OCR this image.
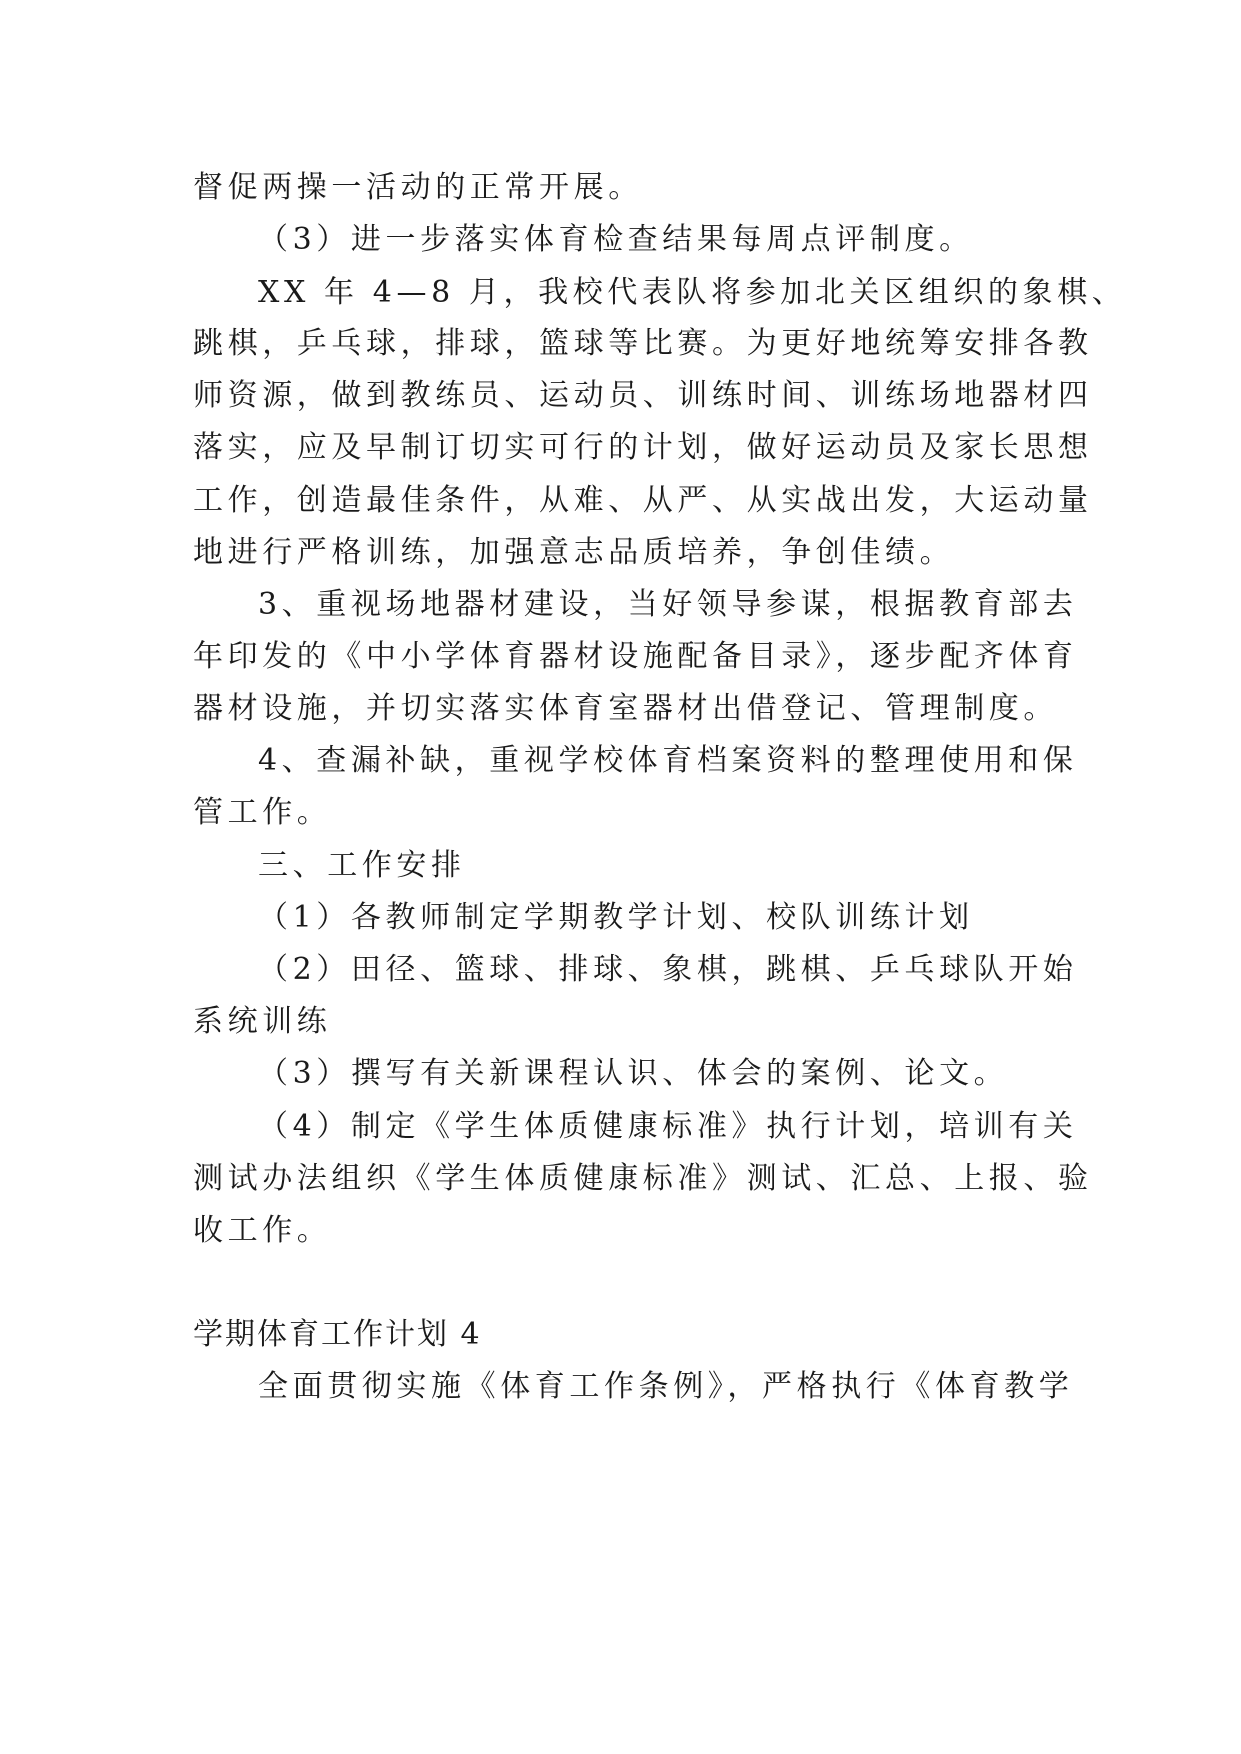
督促两操一活动的正常开展。
（3）进一步落实体育检查结果每周点评制度。
XX 年 4—8 月，我校代表队将参加北关区组织的象棋、
跳棋，乒乓球，排球，篮球等比赛。为更好地统筹安排各教
师资源，做到教练员、运动员、训练时间、训练场地器材四
落实，应及早制订切实可行的计划，做好运动员及家长思想
工作，创造最佳条件，从难、从严、从实战出发，大运动量
地进行严格训练，加强意志品质培养，争创佳绩。
3、重视场地器材建设，当好领导参谋，根据教育部去
年印发的《中小学体育器材设施配备目录》，逐步配齐体育
器材设施，并切实落实体育室器材出借登记、管理制度。
4、查漏补缺，重视学校体育档案资料的整理使用和保
管工作。
三、工作安排
（1）各教师制定学期教学计划、校队训练计划
（2）田径、篮球、排球、象棋，跳棋、乒乓球队开始
系统训练
（3）撰写有关新课程认识、体会的案例、论文。
（4）制定《学生体质健康标准》执行计划，培训有关
测试办法组织《学生体质健康标准》测试、汇总、上报、验
收工作。
学期体育工作计划 4
全面贯彻实施《体育工作条例》，严格执行《体育教学
